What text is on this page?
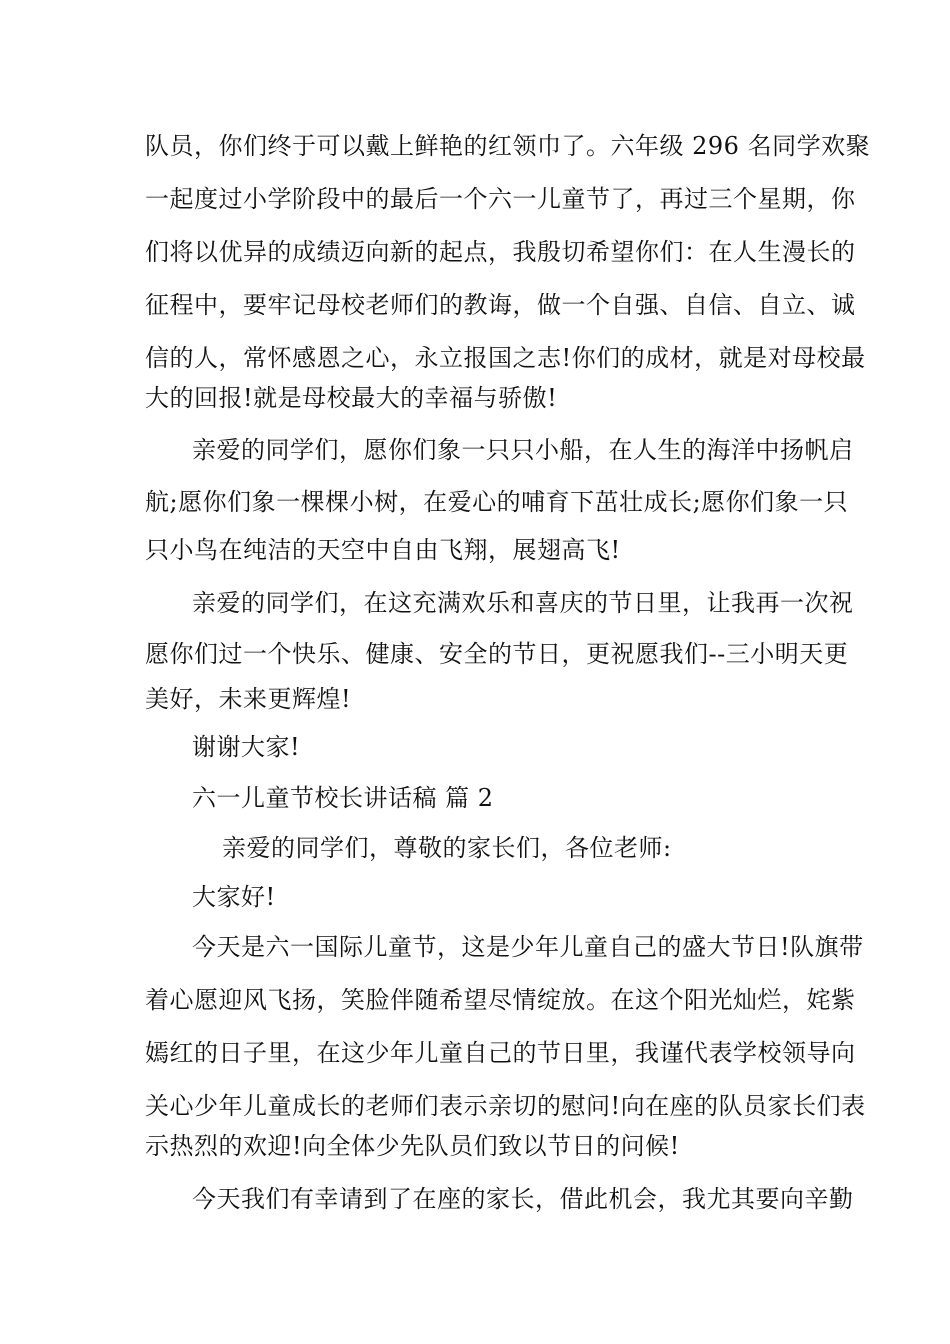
队员，你们终于可以戴上鲜艳的红领巾了。六年级 296 名同学欢聚
一起度过小学阶段中的最后一个六一儿童节了，再过三个星期，你
们将以优异的成绩迈向新的起点，我殷切希望你们：在人生漫长的
征程中，要牢记母校老师们的教诲，做一个自强、自信、自立、诚
信的人，常怀感恩之心，永立报国之志!你们的成材，就是对母校最
大的回报!就是母校最大的幸福与骄傲!
亲爱的同学们，愿你们象一只只小船，在人生的海洋中扬帆启
航;愿你们象一棵棵小树，在爱心的哺育下茁壮成长;愿你们象一只
只小鸟在纯洁的天空中自由飞翔，展翅高飞!
亲爱的同学们，在这充满欢乐和喜庆的节日里，让我再一次祝
愿你们过一个快乐、健康、安全的节日，更祝愿我们--三小明天更
美好，未来更辉煌!
谢谢大家!
六一儿童节校长讲话稿 篇 2
亲爱的同学们，尊敬的家长们，各位老师:
大家好!
今天是六一国际儿童节，这是少年儿童自己的盛大节日!队旗带
着心愿迎风飞扬，笑脸伴随希望尽情绽放。在这个阳光灿烂，姹紫
嫣红的日子里，在这少年儿童自己的节日里，我谨代表学校领导向
关心少年儿童成长的老师们表示亲切的慰问!向在座的队员家长们表
示热烈的欢迎!向全体少先队员们致以节日的问候!
今天我们有幸请到了在座的家长，借此机会，我尤其要向辛勤
